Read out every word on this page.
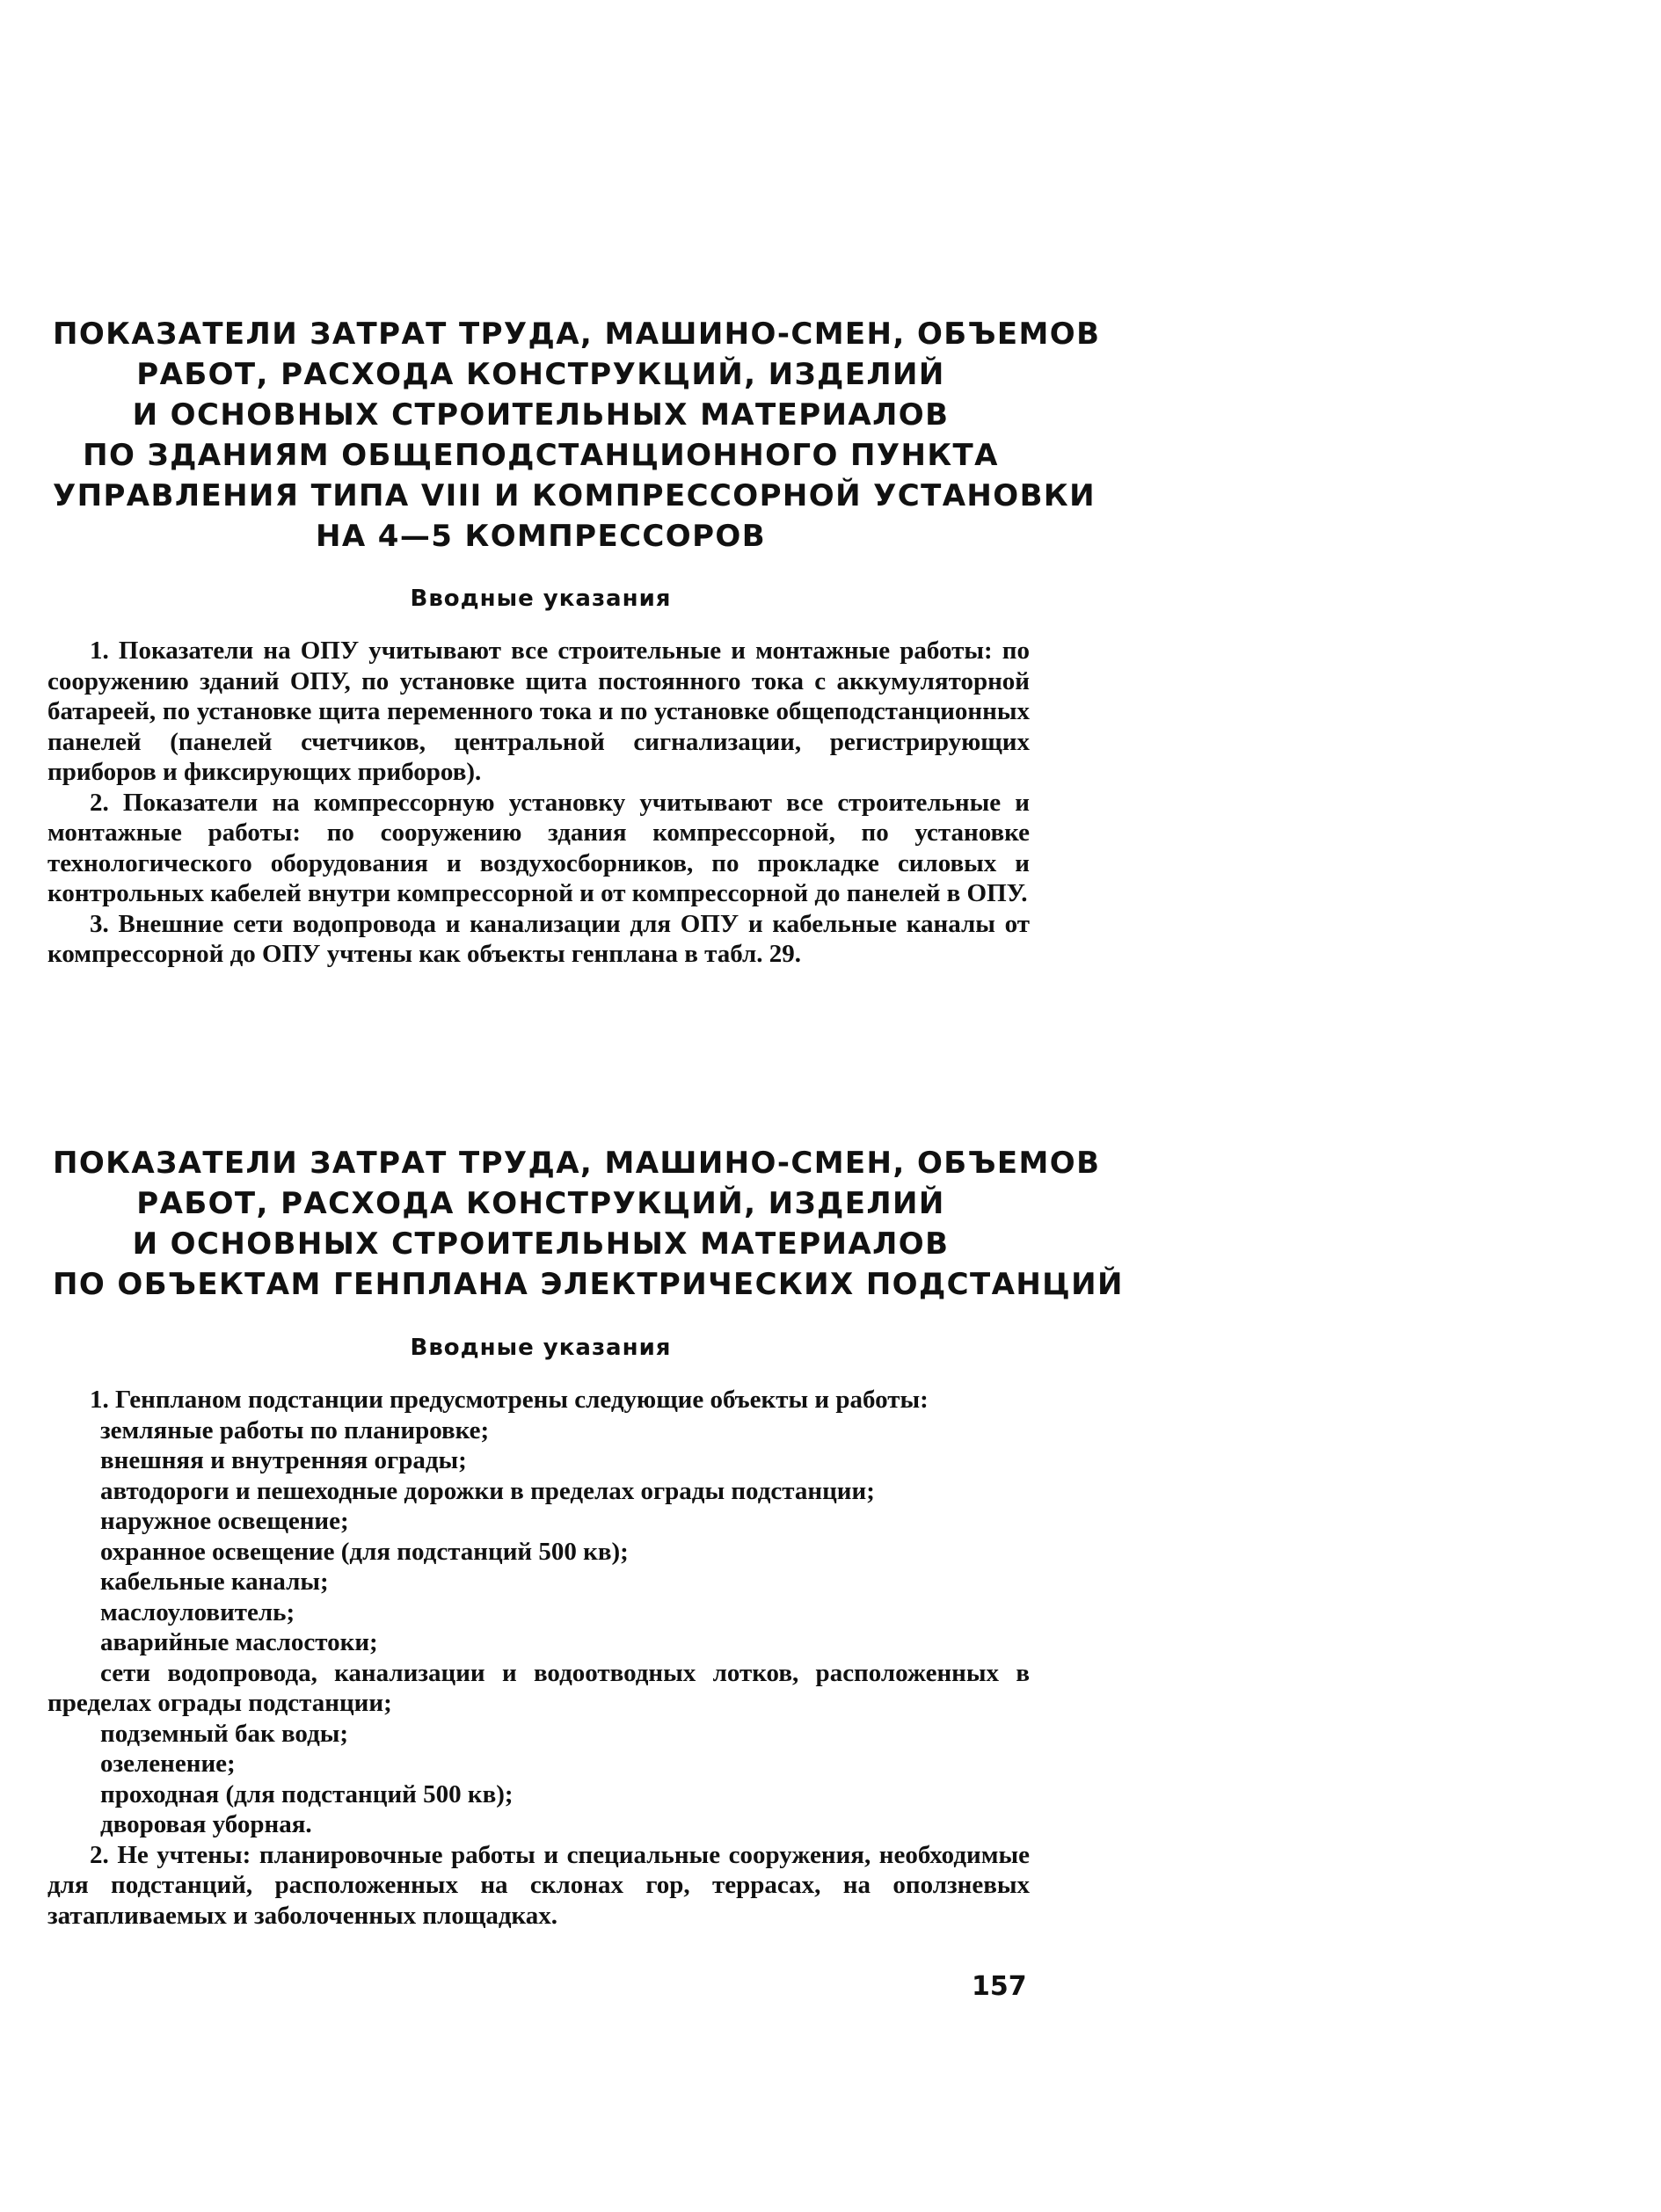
ПОКАЗАТЕЛИ ЗАТРАТ ТРУДА, МАШИНО-СМЕН, ОБЪЕМОВ
РАБОТ, РАСХОДА КОНСТРУКЦИЙ, ИЗДЕЛИЙ
И ОСНОВНЫХ СТРОИТЕЛЬНЫХ МАТЕРИАЛОВ
ПО ЗДАНИЯМ ОБЩЕПОДСТАНЦИОННОГО ПУНКТА
УПРАВЛЕНИЯ ТИПА VIII И КОМПРЕССОРНОЙ УСТАНОВКИ
НА 4—5 КОМПРЕССОРОВ
Вводные указания

1. Показатели на ОПУ учитывают все строительные и монтажные работы: по сооружению зданий ОПУ, по установке щита постоянного тока с аккумуляторной батареей, по установке щита переменного тока и по установке общеподстанционных панелей (панелей счетчиков, центральной сигнализации, регистрирующих приборов и фиксирующих приборов).

2. Показатели на компрессорную установку учитывают все строительные и монтажные работы: по сооружению здания компрессорной, по установке технологического оборудования и воздухосборников, по прокладке силовых и контрольных кабелей внутри компрессорной и от компрессорной до панелей в ОПУ.

3. Внешние сети водопровода и канализации для ОПУ и кабельные каналы от компрессорной до ОПУ учтены как объекты генплана в табл. 29.

ПОКАЗАТЕЛИ ЗАТРАТ ТРУДА, МАШИНО-СМЕН, ОБЪЕМОВ
РАБОТ, РАСХОДА КОНСТРУКЦИЙ, ИЗДЕЛИЙ
И ОСНОВНЫХ СТРОИТЕЛЬНЫХ МАТЕРИАЛОВ
ПО ОБЪЕКТАМ ГЕНПЛАНА ЭЛЕКТРИЧЕСКИХ ПОДСТАНЦИЙ
Вводные указания

1. Генпланом подстанции предусмотрены следующие объекты и работы:

земляные работы по планировке;

внешняя и внутренняя ограды;

автодороги и пешеходные дорожки в пределах ограды подстанции;

наружное освещение;

охранное освещение (для подстанций 500 кв);

кабельные каналы;

маслоуловитель;

аварийные маслостоки;

сети водопровода, канализации и водоотводных лотков, расположенных в пределах ограды подстанции;

подземный бак воды;

озеленение;

проходная (для подстанций 500 кв);

дворовая уборная.

2. Не учтены: планировочные работы и специальные сооружения, необходимые для подстанций, расположенных на склонах гор, террасах, на оползневых затапливаемых и заболоченных площадках.

157
